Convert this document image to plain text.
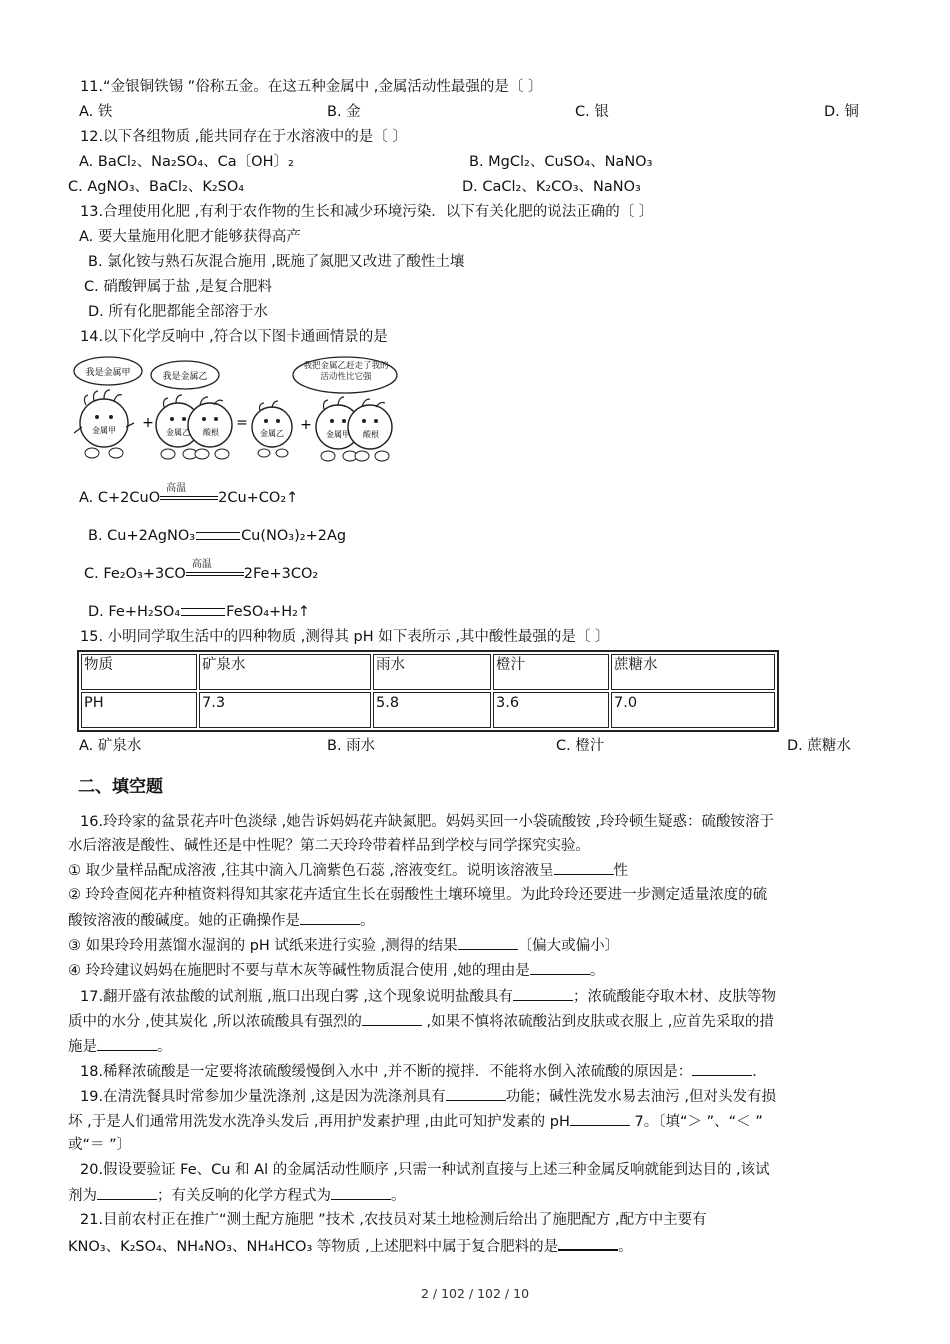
11.“金银铜铁锡 ”俗称五金。在这五种金属中 ,金属活动性最强的是〔 〕
A. 铁	B. 金	C. 银	D. 铜
12.以下各组物质 ,能共同存在于水溶液中的是〔 〕
A. BaCl₂、Na₂SO₄、Ca〔OH〕₂	B. MgCl₂、CuSO₄、NaNO₃
C. AgNO₃、BaCl₂、K₂SO₄	D. CaCl₂、K₂CO₃、NaNO₃
13.合理使用化肥 ,有利于农作物的生长和减少环境污染．以下有关化肥的说法正确的〔 〕
A. 要大量施用化肥才能够获得高产
B. 氯化铵与熟石灰混合施用 ,既施了氮肥又改进了酸性土壤
C. 硝酸钾属于盐 ,是复合肥料
D. 所有化肥都能全部溶于水
14.以下化学反响中 ,符合以下图卡通画情景的是
我是金属甲	我是金属乙
我把金属乙赶走了我的活动性比它强
金属甲 +
金属乙 酸根
=
金属乙
+
金属甲 酸根
A. C+2CuO
高温
2Cu+CO₂↑
B. Cu+2AgNO₃	Cu(NO₃)₂+2Ag
C. Fe₂O₃+3CO
高温
2Fe+3CO₂
D. Fe+H₂SO₄	FeSO₄+H₂↑
15. 小明同学取生活中的四种物质 ,测得其 pH 如下表所示 ,其中酸性最强的是〔 〕
物质	矿泉水	雨水	橙汁	蔗糖水
PH	7.3	5.8	3.6	7.0
A. 矿泉水	B. 雨水	C. 橙汁	D. 蔗糖水
二、填空题
16.玲玲家的盆景花卉叶色淡绿 ,她告诉妈妈花卉缺氮肥。妈妈买回一小袋硫酸铵 ,玲玲顿生疑惑：硫酸铵溶于
水后溶液是酸性、碱性还是中性呢？第二天玲玲带着样品到学校与同学探究实验。
① 取少量样品配成溶液 ,往其中滴入几滴紫色石蕊 ,溶液变红。说明该溶液呈	性
② 玲玲查阅花卉种植资料得知其家花卉适宜生长在弱酸性土壤环境里。为此玲玲还要进一步测定适量浓度的硫
酸铵溶液的酸碱度。她的正确操作是	。
③ 如果玲玲用蒸馏水湿润的 pH 试纸来进行实验 ,测得的结果	〔偏大或偏小〕
④ 玲玲建议妈妈在施肥时不要与草木灰等碱性物质混合使用 ,她的理由是	。
17.翻开盛有浓盐酸的试剂瓶 ,瓶口出现白雾 ,这个现象说明盐酸具有	；浓硫酸能夺取木材、皮肤等物
质中的水分 ,使其炭化 ,所以浓硫酸具有强烈的	,如果不慎将浓硫酸沾到皮肤或衣服上 ,应首先采取的措
施是	。
18.稀释浓硫酸是一定要将浓硫酸缓慢倒入水中 ,并不断的搅拌．不能将水倒入浓硫酸的原因是：	．
19.在清洗餐具时常参加少量洗涤剂 ,这是因为洗涤剂具有	功能；碱性洗发水易去油污 ,但对头发有损
坏 ,于是人们通常用洗发水洗净头发后 ,再用护发素护理 ,由此可知护发素的 pH	7。〔填“＞ ”、“＜ ”
或“＝ ”〕
20.假设要验证 Fe、Cu 和 Al 的金属活动性顺序 ,只需一种试剂直接与上述三种金属反响就能到达目的 ,该试
剂为	；有关反响的化学方程式为	。
21.目前农村正在推广“测土配方施肥 ”技术 ,农技员对某土地检测后给出了施肥配方 ,配方中主要有
KNO₃、K₂SO₄、NH₄NO₃、NH₄HCO₃ 等物质 ,上述肥料中属于复合肥料的是	。
2 / 102 / 102 / 10
